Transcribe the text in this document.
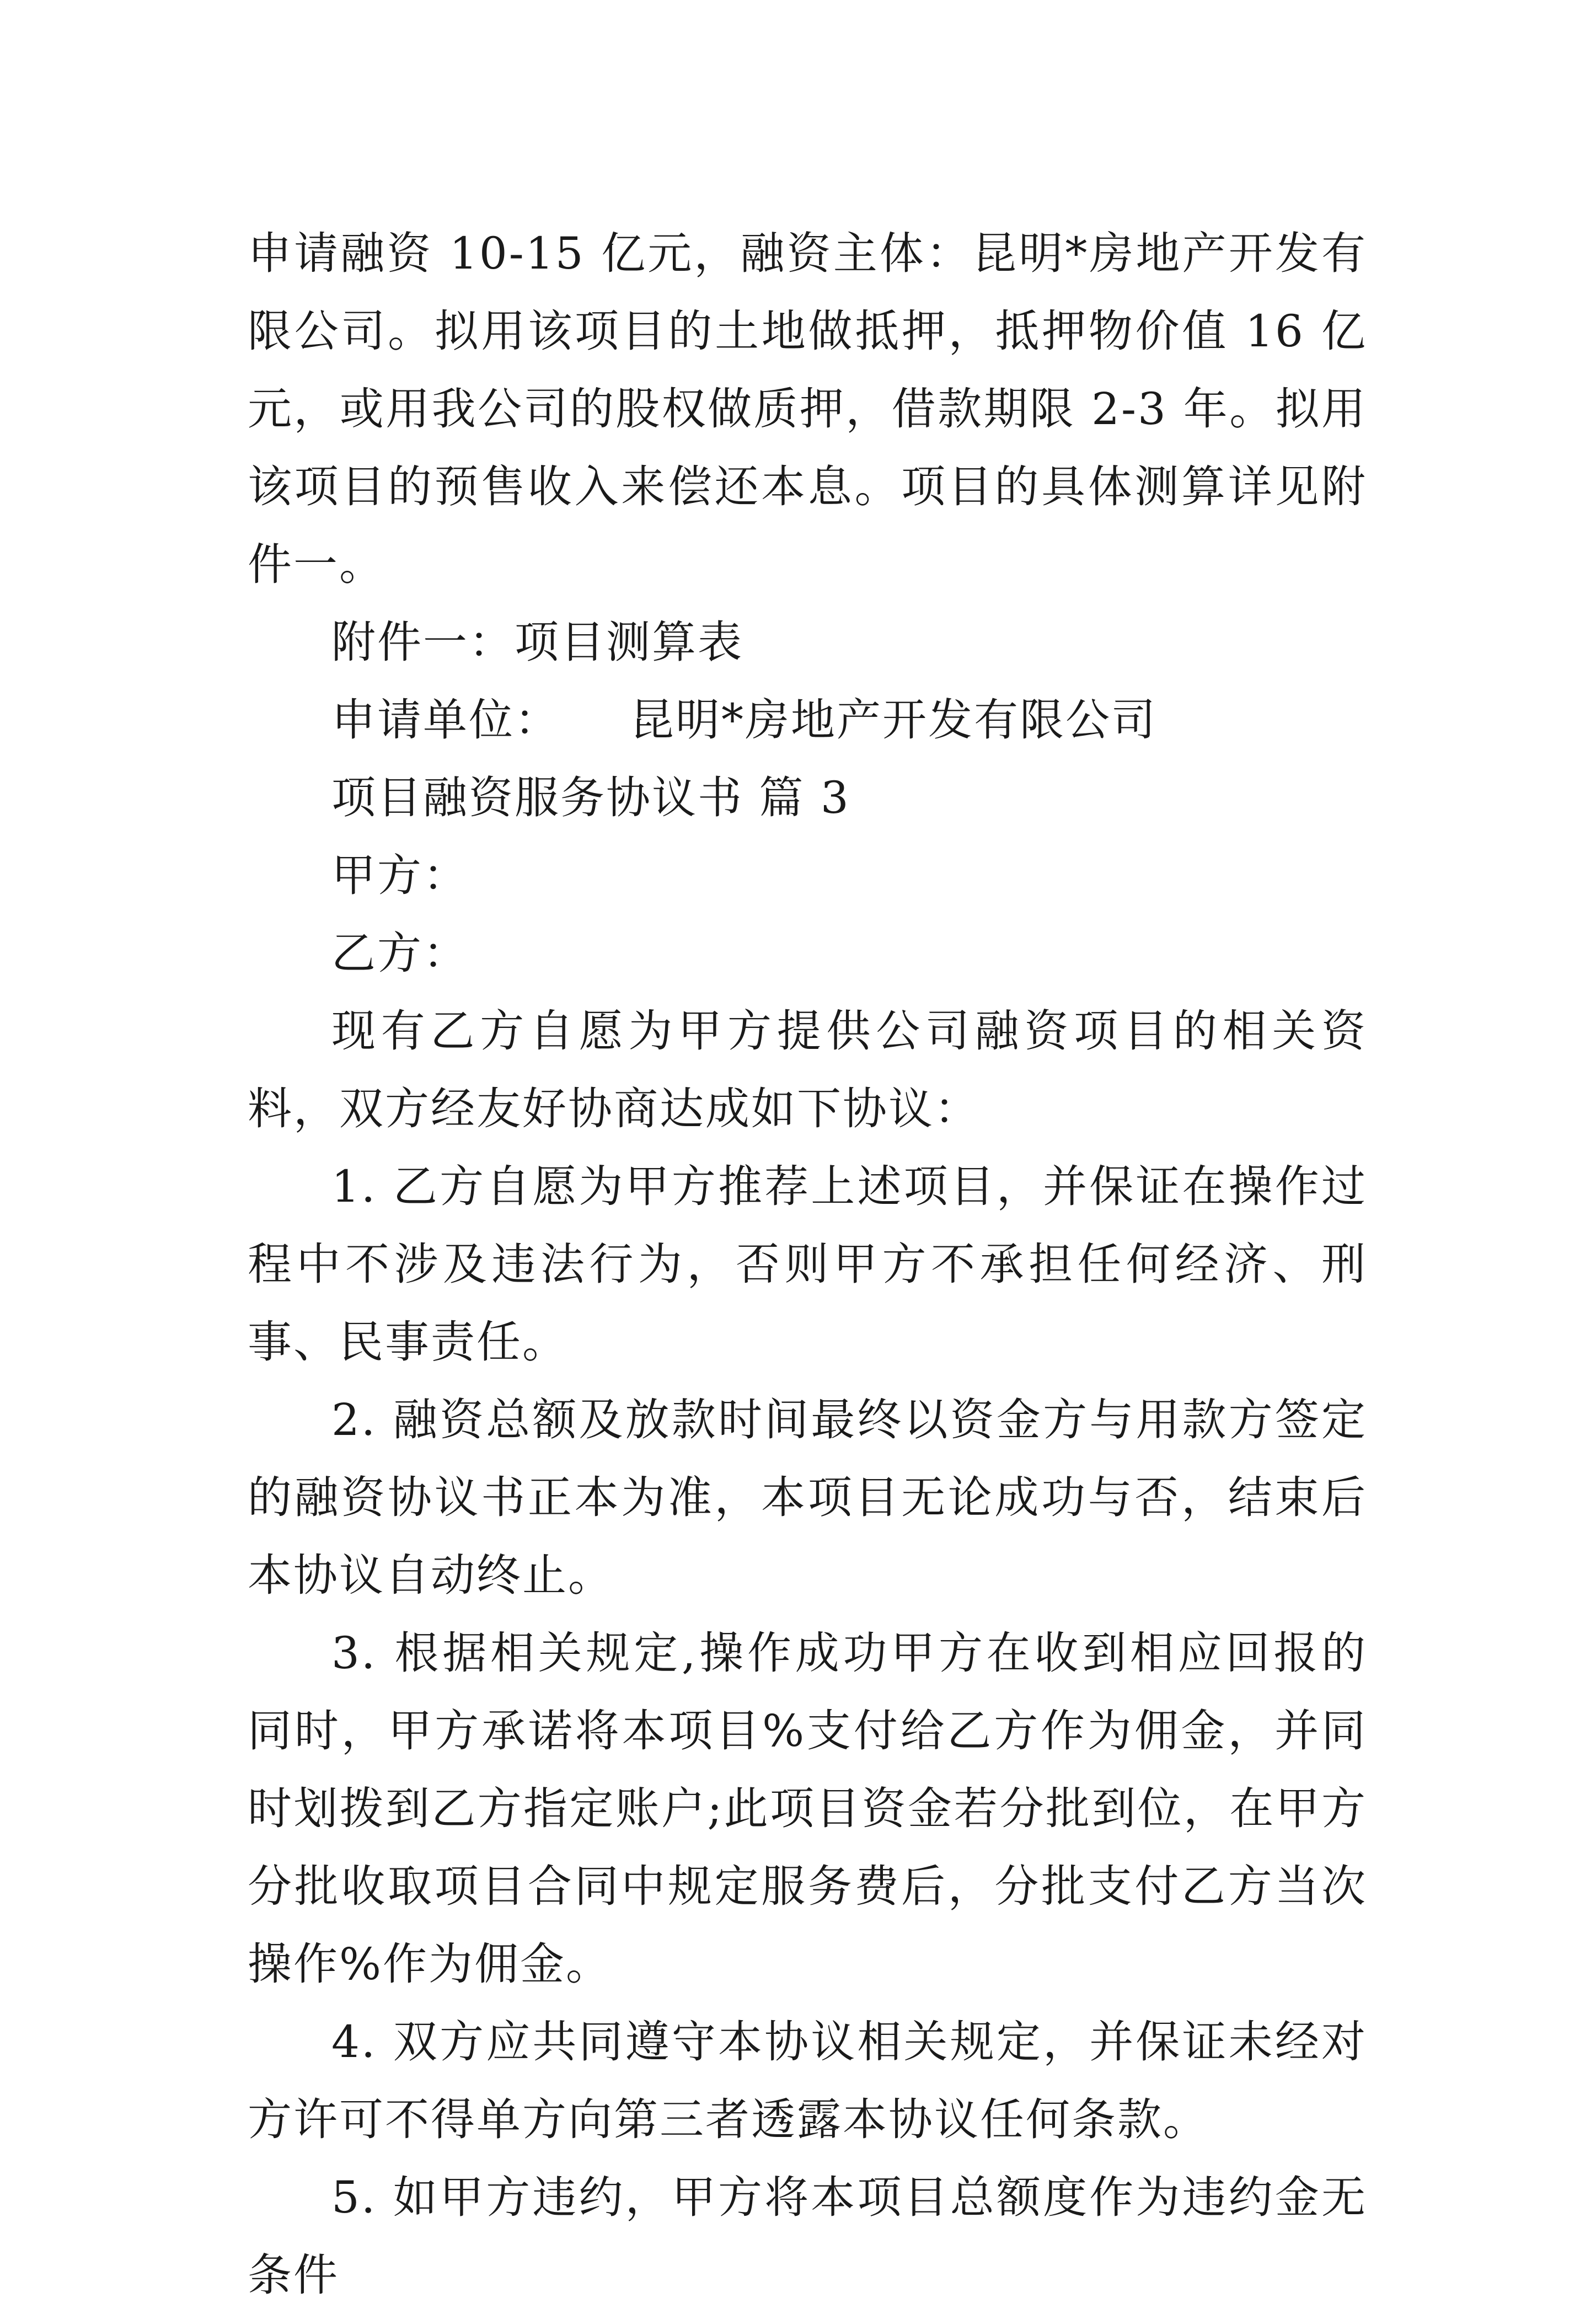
申请融资 10-15 亿元，融资主体：昆明*房地产开发有限公司。拟用该项目的土地做抵押，抵押物价值 16 亿元，或用我公司的股权做质押，借款期限 2-3 年。拟用该项目的预售收入来偿还本息。项目的具体测算详见附件一。

附件一：项目测算表

申请单位：　　昆明*房地产开发有限公司

项目融资服务协议书 篇 3

甲方：

乙方：

现有乙方自愿为甲方提供公司融资项目的相关资料，双方经友好协商达成如下协议：

1. 乙方自愿为甲方推荐上述项目，并保证在操作过程中不涉及违法行为，否则甲方不承担任何经济、刑事、民事责任。

2. 融资总额及放款时间最终以资金方与用款方签定的融资协议书正本为准，本项目无论成功与否，结束后本协议自动终止。

3. 根据相关规定,操作成功甲方在收到相应回报的同时，甲方承诺将本项目%支付给乙方作为佣金，并同时划拨到乙方指定账户;此项目资金若分批到位，在甲方分批收取项目合同中规定服务费后，分批支付乙方当次操作%作为佣金。

4. 双方应共同遵守本协议相关规定，并保证未经对方许可不得单方向第三者透露本协议任何条款。

5. 如甲方违约，甲方将本项目总额度作为违约金无条件
